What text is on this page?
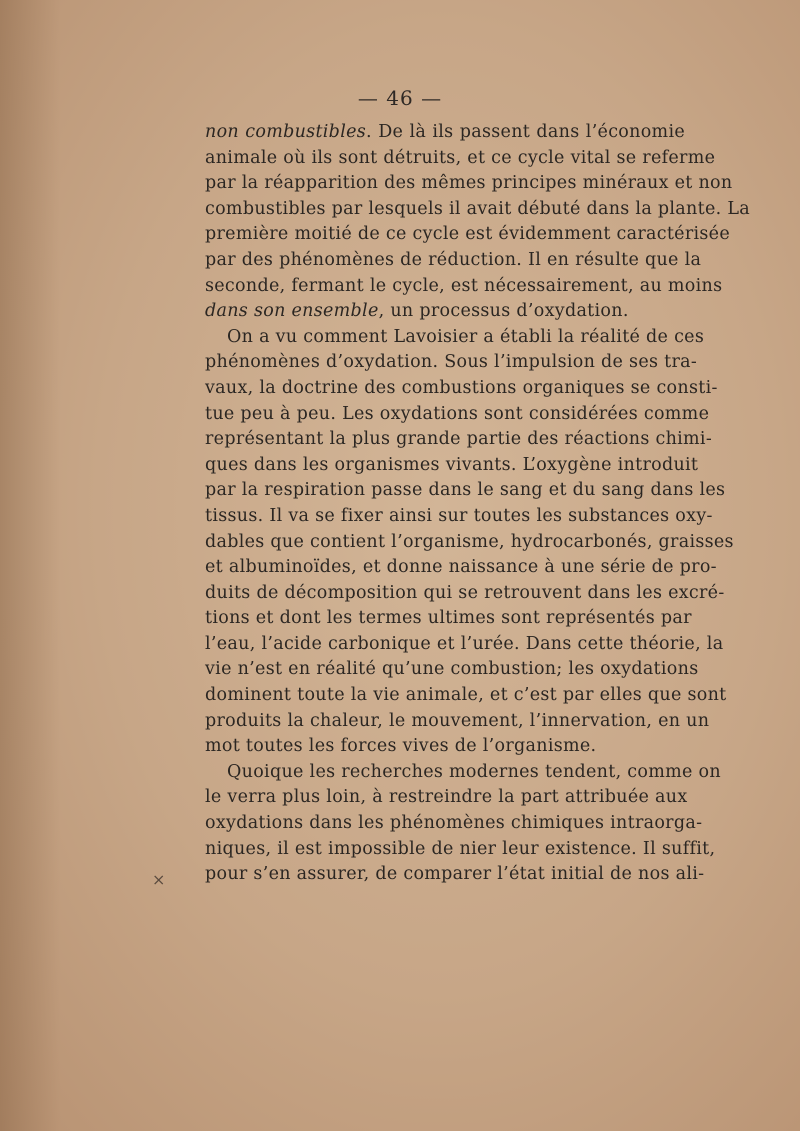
— 46 —
non combustibles. De là ils passent dans l’économie
animale où ils sont détruits, et ce cycle vital se referme
par la réapparition des mêmes principes minéraux et non
combustibles par lesquels il avait débuté dans la plante. La
première moitié de ce cycle est évidemment caractérisée
par des phénomènes de réduction. Il en résulte que la
seconde, fermant le cycle, est nécessairement, au moins
dans son ensemble, un processus d’oxydation.
On a vu comment Lavoisier a établi la réalité de ces
phénomènes d’oxydation. Sous l’impulsion de ses tra-
vaux, la doctrine des combustions organiques se consti-
tue peu à peu. Les oxydations sont considérées comme
représentant la plus grande partie des réactions chimi-
ques dans les organismes vivants. L’oxygène introduit
par la respiration passe dans le sang et du sang dans les
tissus. Il va se fixer ainsi sur toutes les substances oxy-
dables que contient l’organisme, hydrocarbonés, graisses
et albuminoïdes, et donne naissance à une série de pro-
duits de décomposition qui se retrouvent dans les excré-
tions et dont les termes ultimes sont représentés par
l’eau, l’acide carbonique et l’urée. Dans cette théorie, la
vie n’est en réalité qu’une combustion; les oxydations
dominent toute la vie animale, et c’est par elles que sont
produits la chaleur, le mouvement, l’innervation, en un
mot toutes les forces vives de l’organisme.
Quoique les recherches modernes tendent, comme on
le verra plus loin, à restreindre la part attribuée aux
oxydations dans les phénomènes chimiques intraorga-
niques, il est impossible de nier leur existence. Il suffit,
pour s’en assurer, de comparer l’état initial de nos ali-
×
